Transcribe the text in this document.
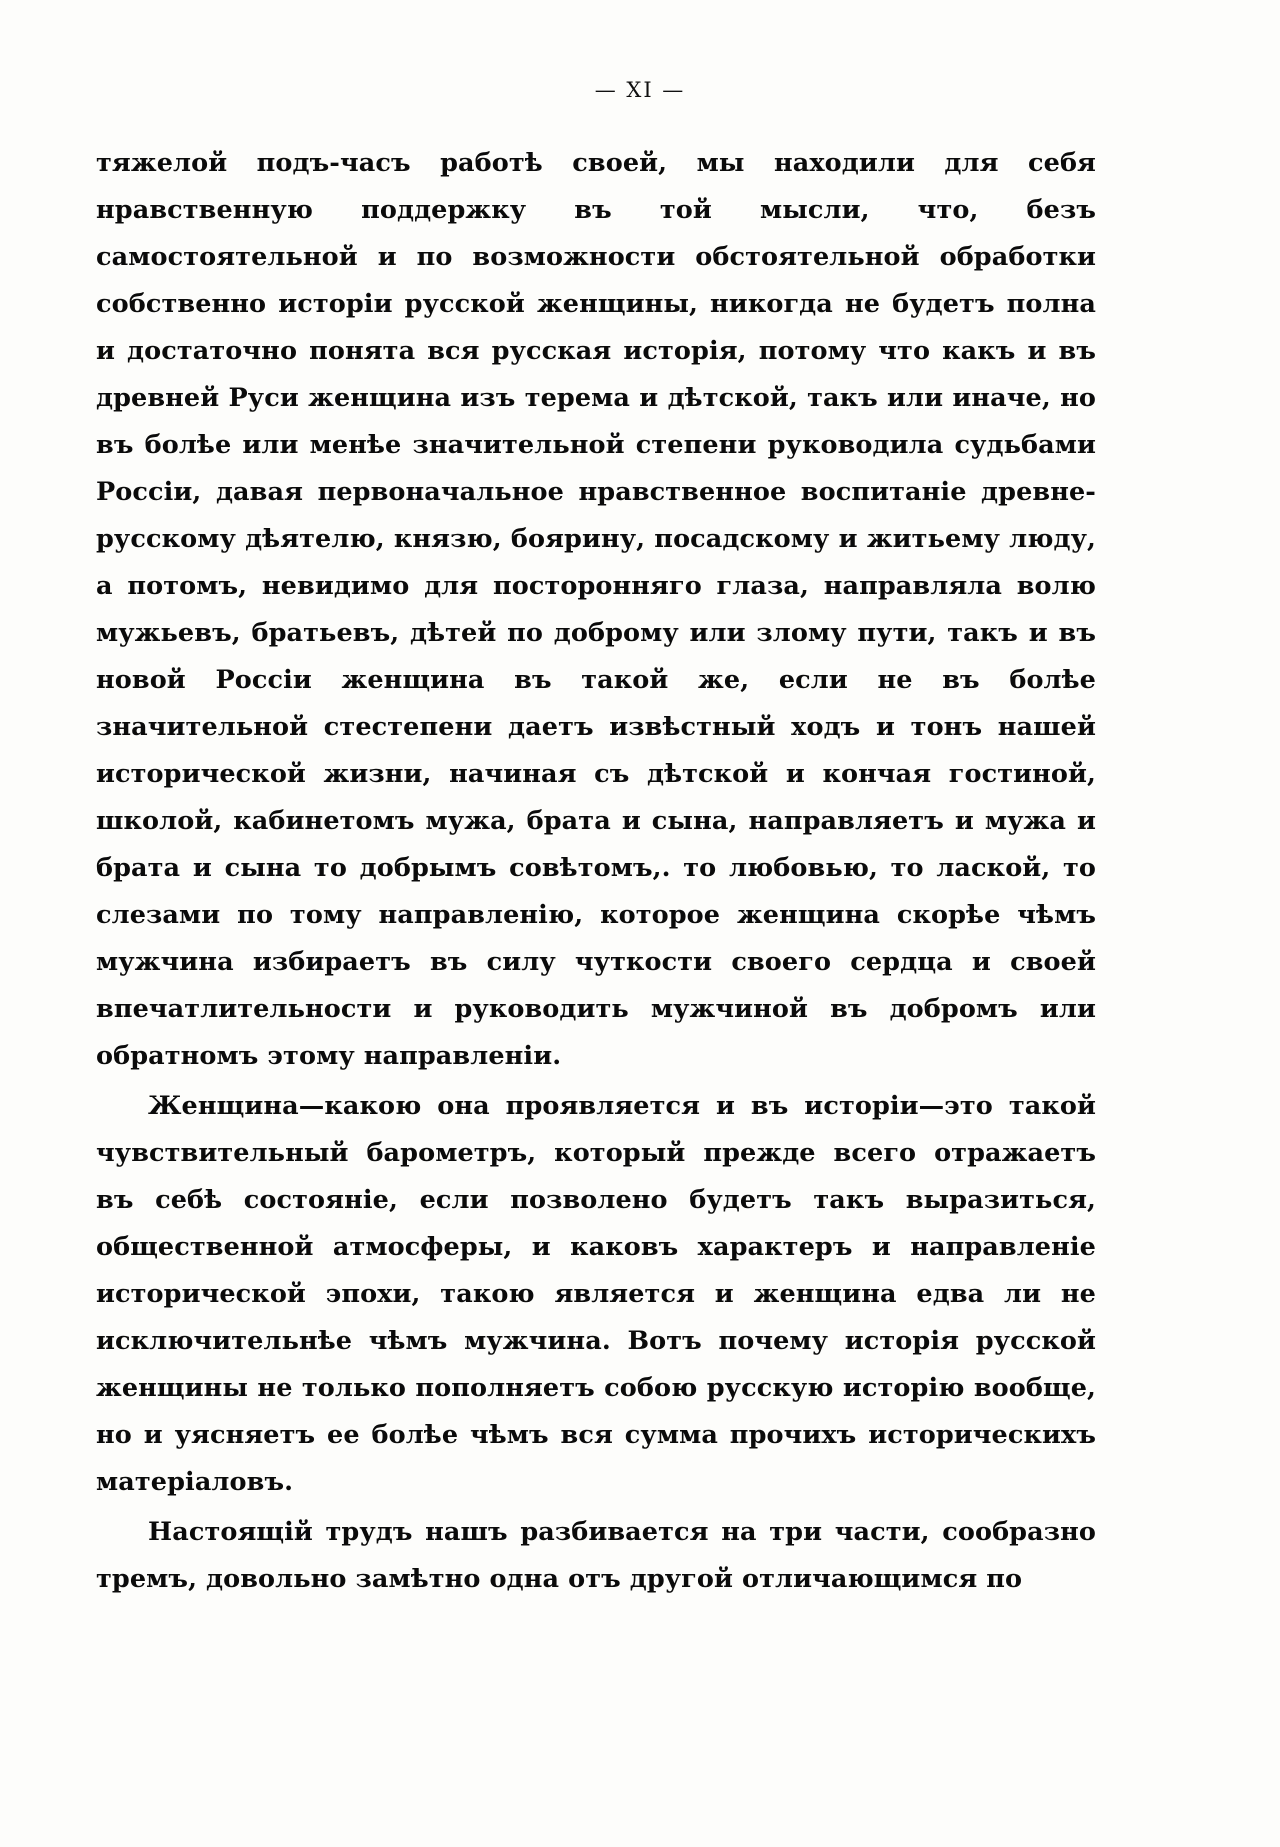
— XI —

тяжелой подъ-часъ работѣ своей, мы находили для себя нравственную поддержку въ той мысли, что, безъ самостоятельной и по возможности обстоятельной обработки собственно исторіи русской женщины, никогда не будетъ полна и достаточно понята вся русская исторія, потому что какъ и въ древней Руси женщина изъ терема и дѣтской, такъ или иначе, но въ болѣе или менѣе значительной степени руководила судьбами Россіи, давая первоначальное нравственное воспитаніе древне-русскому дѣятелю, князю, боярину, посадскому и житьему люду, а потомъ, невидимо для посторонняго глаза, направляла волю мужьевъ, братьевъ, дѣтей по доброму или злому пути, такъ и въ новой Россіи женщина въ такой же, если не въ болѣе значительной стестепени даетъ извѣстный ходъ и тонъ нашей исторической жизни, начиная съ дѣтской и кончая гостиной, школой, кабинетомъ мужа, брата и сына, направляетъ и мужа и брата и сына то добрымъ совѣтомъ,. то любовью, то лаской, то слезами по тому направленію, которое женщина скорѣе чѣмъ мужчина избираетъ въ силу чуткости своего сердца и своей впечатлительности и руководить мужчиной въ добромъ или обратномъ этому направленіи.

Женщина—какою она проявляется и въ исторіи—это такой чувствительный барометръ, который прежде всего отражаетъ въ себѣ состояніе, если позволено будетъ такъ выразиться, общественной атмосферы, и каковъ характеръ и направленіе исторической эпохи, такою является и женщина едва ли не исключительнѣе чѣмъ мужчина. Вотъ почему исторія русской женщины не только пополняетъ собою русскую исторію вообще, но и уясняетъ ее болѣе чѣмъ вся сумма прочихъ историческихъ матеріаловъ.

Настоящій трудъ нашъ разбивается на три части, сообразно тремъ, довольно замѣтно одна отъ другой отличающимся по
